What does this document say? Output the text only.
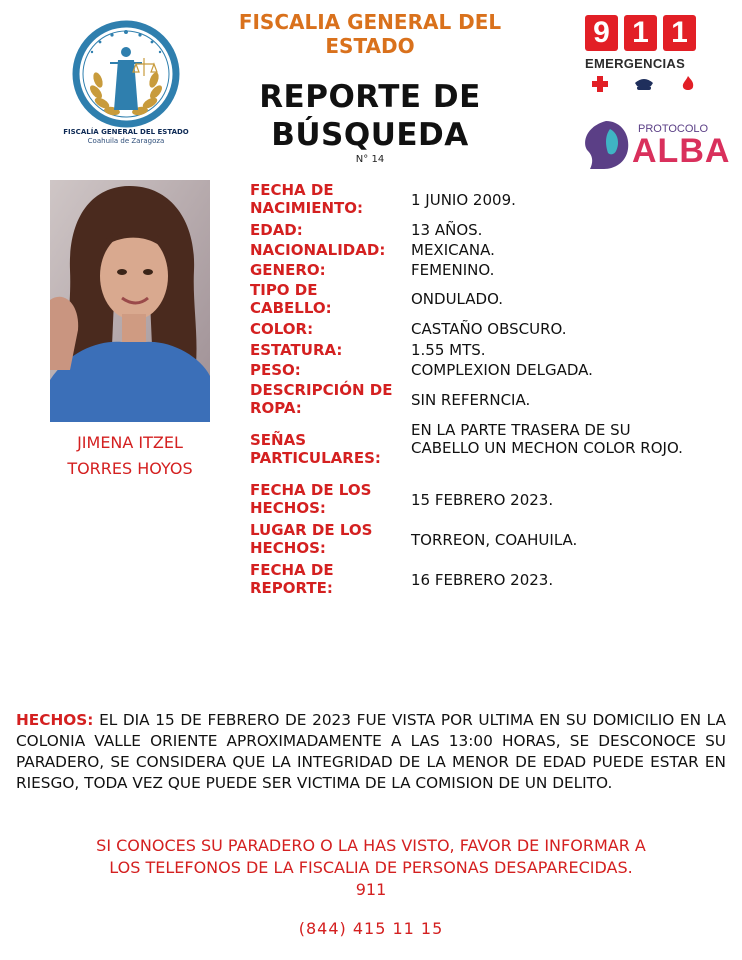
FISCALIA GENERAL DEL ESTADO
REPORTE DE
BÚSQUEDA
N° 14
FISCALÍA GENERAL DEL ESTADO
Coahuila de Zaragoza
9 1 1
EMERGENCIAS
PROTOCOLO
ALBA
JIMENA ITZEL
TORRES HOYOS
FECHA DE NACIMIENTO:	1 JUNIO 2009.
EDAD:	13 AÑOS.
NACIONALIDAD:	MEXICANA.
GENERO:	FEMENINO.
TIPO DE CABELLO:	ONDULADO.
COLOR:	CASTAÑO OBSCURO.
ESTATURA:	1.55 MTS.
PESO:	COMPLEXION DELGADA.
DESCRIPCIÓN DE ROPA:	SIN REFERNCIA.
SEÑAS PARTICULARES:
EN LA PARTE TRASERA DE SU CABELLO UN MECHON COLOR ROJO.
FECHA DE LOS HECHOS:	15 FEBRERO 2023.
LUGAR DE LOS HECHOS:	TORREON, COAHUILA.
FECHA DE REPORTE:	16 FEBRERO 2023.
HECHOS: EL DIA 15 DE FEBRERO DE 2023 FUE VISTA POR ULTIMA EN SU DOMICILIO EN LA COLONIA VALLE ORIENTE APROXIMADAMENTE A LAS 13:00 HORAS, SE DESCONOCE SU PARADERO, SE CONSIDERA QUE LA INTEGRIDAD DE LA MENOR DE EDAD PUEDE ESTAR EN RIESGO, TODA VEZ QUE PUEDE SER VICTIMA DE LA COMISION DE UN DELITO.
SI CONOCES SU PARADERO O LA HAS VISTO, FAVOR DE INFORMAR A
LOS TELEFONOS DE LA FISCALIA DE PERSONAS DESAPARECIDAS.
911
(844) 415 11 15
